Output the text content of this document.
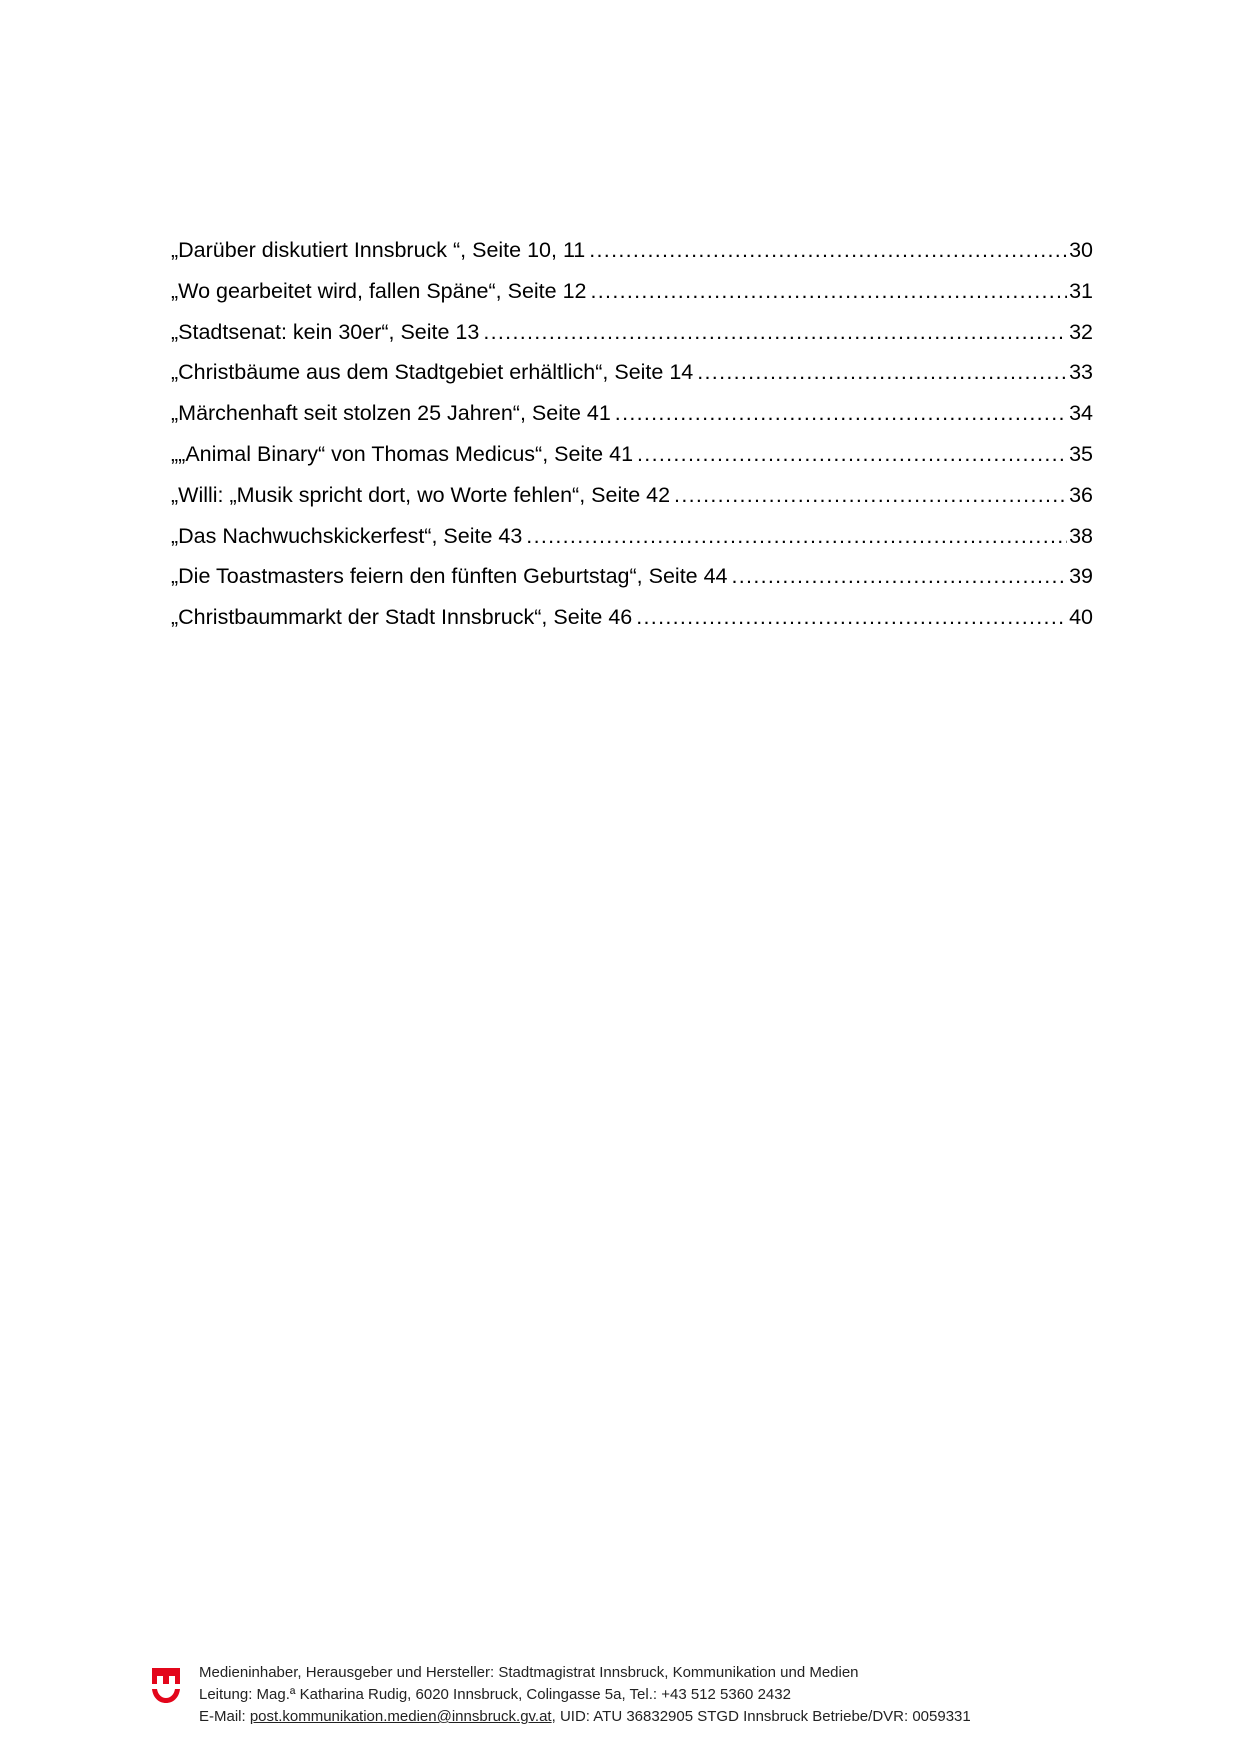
„Darüber diskutiert Innsbruck “, Seite 10, 11 .....	30
„Wo gearbeitet wird, fallen Späne“, Seite 12 .....	31
„Stadtsenat: kein 30er“, Seite 13 .....	32
„Christbäume aus dem Stadtgebiet erhältlich“, Seite 14 .....	33
„Märchenhaft seit stolzen 25 Jahren“, Seite 41 .....	34
„„Animal Binary“ von Thomas Medicus“, Seite 41 .....	35
„Willi: „Musik spricht dort, wo Worte fehlen“, Seite 42 .....	36
„Das Nachwuchskickerfest“, Seite 43 .....	38
„Die Toastmasters feiern den fünften Geburtstag“, Seite 44 .....	39
„Christbaummarkt der Stadt Innsbruck“, Seite 46 .....	40
Medieninhaber, Herausgeber und Hersteller: Stadtmagistrat Innsbruck, Kommunikation und Medien
Leitung: Mag.ª Katharina Rudig, 6020 Innsbruck, Colingasse 5a, Tel.: +43 512 5360 2432
E-Mail: post.kommunikation.medien@innsbruck.gv.at, UID: ATU 36832905 STGD Innsbruck Betriebe/DVR: 0059331
